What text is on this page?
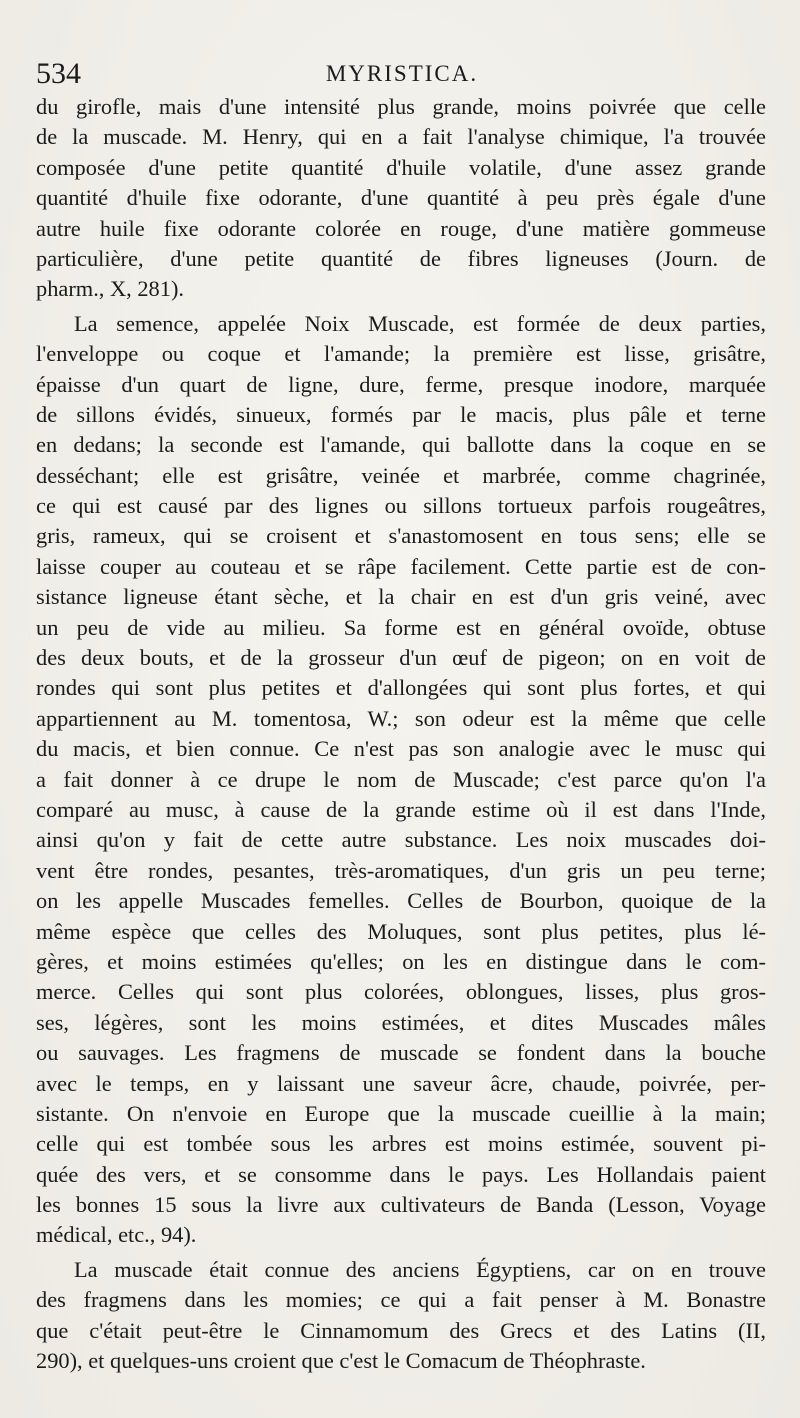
534	MYRISTICA.
du girofle, mais d'une intensité plus grande, moins poivrée que celle
de la muscade. M. Henry, qui en a fait l'analyse chimique, l'a trouvée
composée d'une petite quantité d'huile volatile, d'une assez grande
quantité d'huile fixe odorante, d'une quantité à peu près égale d'une
autre huile fixe odorante colorée en rouge, d'une matière gommeuse
particulière, d'une petite quantité de fibres ligneuses (Journ. de
pharm., X, 281).
La semence, appelée Noix Muscade, est formée de deux parties,
l'enveloppe ou coque et l'amande; la première est lisse, grisâtre,
épaisse d'un quart de ligne, dure, ferme, presque inodore, marquée
de sillons évidés, sinueux, formés par le macis, plus pâle et terne
en dedans; la seconde est l'amande, qui ballotte dans la coque en se
desséchant; elle est grisâtre, veinée et marbrée, comme chagrinée,
ce qui est causé par des lignes ou sillons tortueux parfois rougeâtres,
gris, rameux, qui se croisent et s'anastomosent en tous sens; elle se
laisse couper au couteau et se râpe facilement. Cette partie est de con-
sistance ligneuse étant sèche, et la chair en est d'un gris veiné, avec
un peu de vide au milieu. Sa forme est en général ovoïde, obtuse
des deux bouts, et de la grosseur d'un œuf de pigeon; on en voit de
rondes qui sont plus petites et d'allongées qui sont plus fortes, et qui
appartiennent au M. tomentosa, W.; son odeur est la même que celle
du macis, et bien connue. Ce n'est pas son analogie avec le musc qui
a fait donner à ce drupe le nom de Muscade; c'est parce qu'on l'a
comparé au musc, à cause de la grande estime où il est dans l'Inde,
ainsi qu'on y fait de cette autre substance. Les noix muscades doi-
vent être rondes, pesantes, très-aromatiques, d'un gris un peu terne;
on les appelle Muscades femelles. Celles de Bourbon, quoique de la
même espèce que celles des Moluques, sont plus petites, plus lé-
gères, et moins estimées qu'elles; on les en distingue dans le com-
merce. Celles qui sont plus colorées, oblongues, lisses, plus gros-
ses, légères, sont les moins estimées, et dites Muscades mâles
ou sauvages. Les fragmens de muscade se fondent dans la bouche
avec le temps, en y laissant une saveur âcre, chaude, poivrée, per-
sistante. On n'envoie en Europe que la muscade cueillie à la main;
celle qui est tombée sous les arbres est moins estimée, souvent pi-
quée des vers, et se consomme dans le pays. Les Hollandais paient
les bonnes 15 sous la livre aux cultivateurs de Banda (Lesson, Voyage
médical, etc., 94).
La muscade était connue des anciens Égyptiens, car on en trouve
des fragmens dans les momies; ce qui a fait penser à M. Bonastre
que c'était peut-être le Cinnamomum des Grecs et des Latins (II,
290), et quelques-uns croient que c'est le Comacum de Théophraste.
